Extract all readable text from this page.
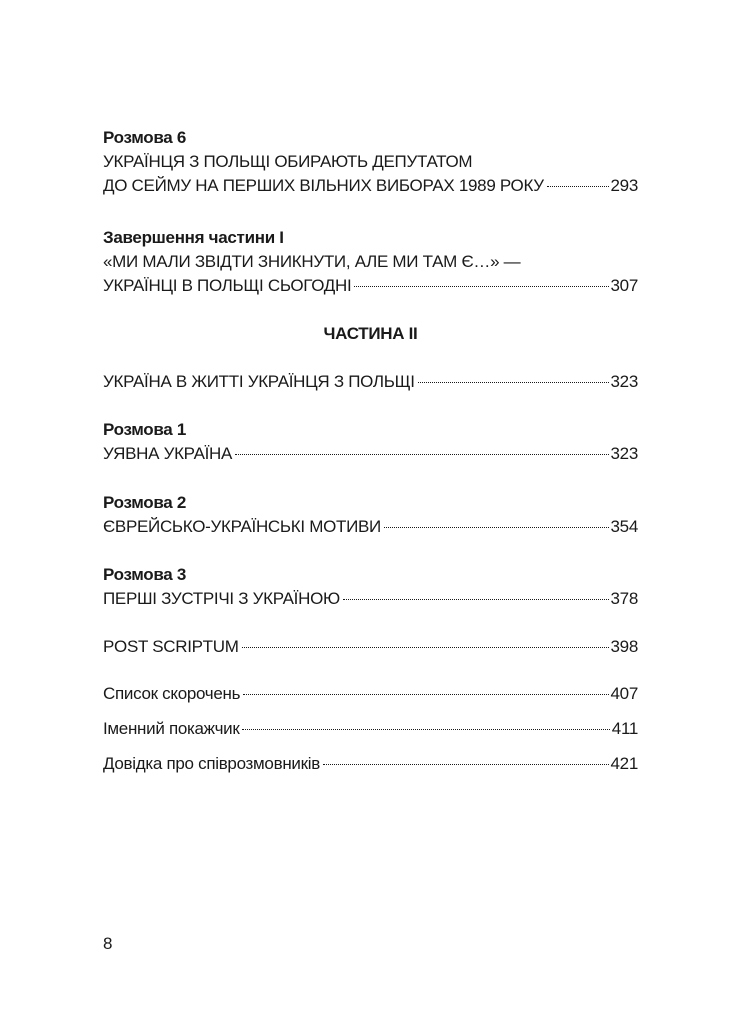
Розмова 6
УКРАЇНЦЯ З ПОЛЬЩІ ОБИРАЮТЬ ДЕПУТАТОМ
ДО СЕЙМУ НА ПЕРШИХ ВІЛЬНИХ ВИБОРАХ 1989 РОКУ	293
Завершення частини І
«МИ МАЛИ ЗВІДТИ ЗНИКНУТИ, АЛЕ МИ ТАМ Є…» —
УКРАЇНЦІ В ПОЛЬЩІ СЬОГОДНІ	307
ЧАСТИНА ІІ
УКРАЇНА В ЖИТТІ УКРАЇНЦЯ З ПОЛЬЩІ	323
Розмова 1
УЯВНА УКРАЇНА	323
Розмова 2
ЄВРЕЙСЬКО-УКРАЇНСЬКІ МОТИВИ	354
Розмова 3
ПЕРШІ ЗУСТРІЧІ З УКРАЇНОЮ	378
POST SCRIPTUM	398
Список скорочень	407
Іменний покажчик	411
Довідка про співрозмовників	421
8
